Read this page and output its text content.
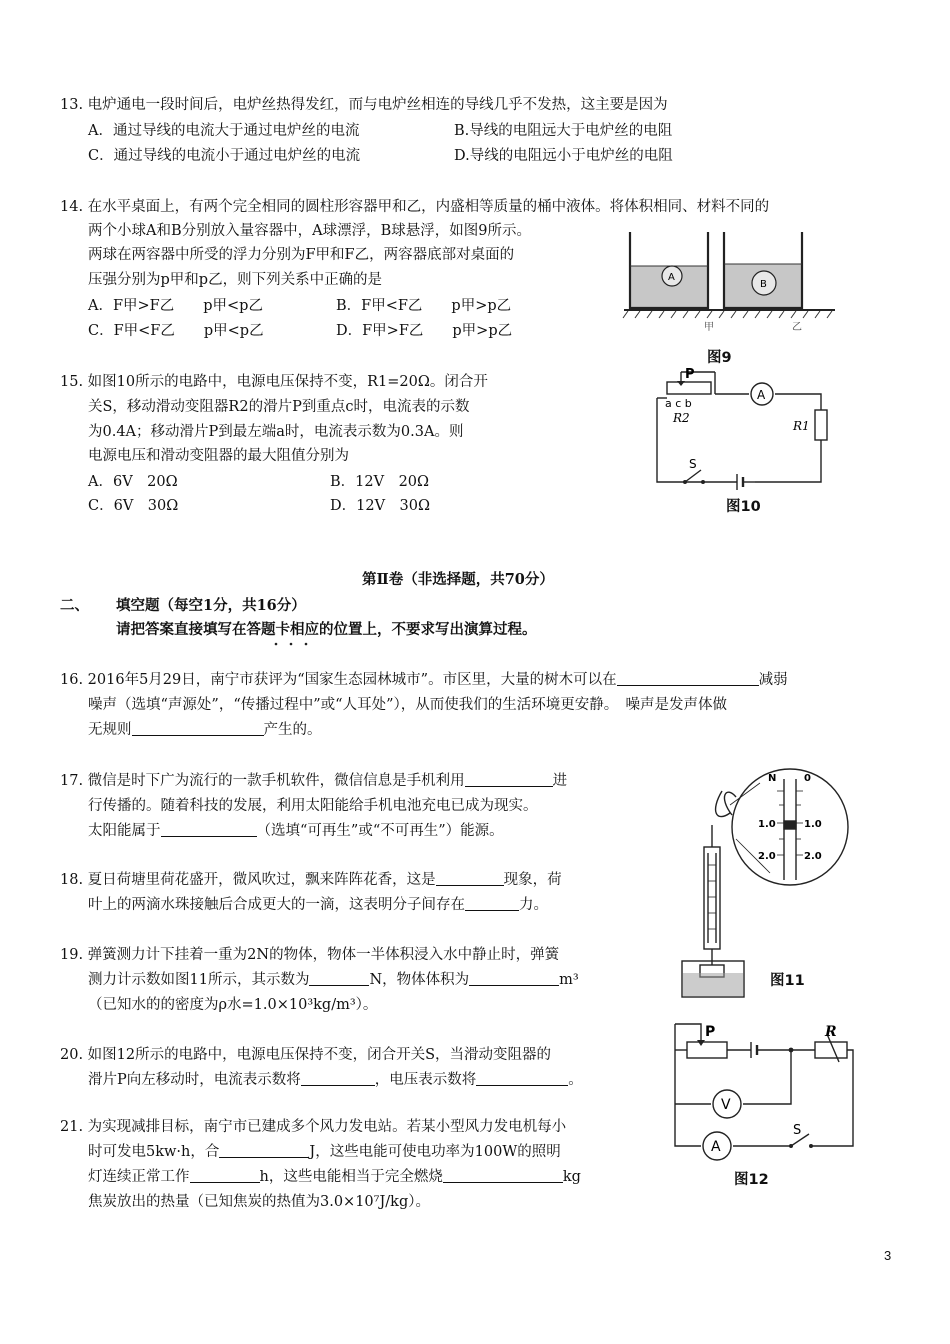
13. 电炉通电一段时间后，电炉丝热得发红，而与电炉丝相连的导线几乎不发热，这主要是因为
A．通过导线的电流大于通过电炉丝的电流	B.导线的电阻远大于电炉丝的电阻
C．通过导线的电流小于通过电炉丝的电流	D.导线的电阻远小于电炉丝的电阻
14. 在水平桌面上，有两个完全相同的圆柱形容器甲和乙，内盛相等质量的桶中液体。将体积相同、材料不同的
两个小球A和B分别放入量容器中，A球漂浮，B球悬浮，如图9所示。
两球在两容器中所受的浮力分别为F甲和F乙，两容器底部对桌面的
压强分别为p甲和p乙，则下列关系中正确的是
A．F甲>F乙　　p甲<p乙	B．F甲<F乙　　p甲>p乙
C．F甲<F乙　　p甲<p乙	D．F甲>F乙　　p甲>p乙
A
B
甲	乙
图9
15. 如图10所示的电路中，电源电压保持不变，R1=20Ω。闭合开
关S，移动滑动变阻器R2的滑片P到重点c时，电流表的示数
为0.4A；移动滑片P到最左端a时，电流表示数为0.3A。则
电源电压和滑动变阻器的最大阻值分别为
A．6V　20Ω	B．12V　20Ω
C．6V　30Ω	D．12V　30Ω
P
a c b
R2
R1
A
S
图10
第Ⅱ卷（非选择题，共70分）
二、 填空题（每空1分，共16分）
请把答案直接填写在答题卡相应的位置上，不要求写出演算过程。
16. 2016年5月29日，南宁市获评为“国家生态园林城市”。市区里，大量的树木可以在	减弱
噪声（选填“声源处”，“传播过程中”或“人耳处”），从而使我们的生活环境更安静。　噪声是发声体做
无规则	产生的。
17. 微信是时下广为流行的一款手机软件，微信信息是手机利用	进
行传播的。随着科技的发展，利用太阳能给手机电池充电已成为现实。
太阳能属于	（选填“可再生”或“不可再生”）能源。
18. 夏日荷塘里荷花盛开，微风吹过，飘来阵阵花香，这是	现象，荷
叶上的两滴水珠接触后合成更大的一滴，这表明分子间存在	力。
19. 弹簧测力计下挂着一重为2N的物体，物体一半体积浸入水中静止时，弹簧
测力计示数如图11所示，其示数为	N，物体体积为	m³
（已知水的的密度为ρ水=1.0×10³kg/m³）。
N	0
1.0	1.0
2.0	2.0
图11
20. 如图12所示的电路中，电源电压保持不变，闭合开关S，当滑动变阻器的
滑片P向左移动时，电流表示数将	，电压表示数将	。
P	R
V
A
S
图12
21. 为实现减排目标，南宁市已建成多个风力发电站。若某小型风力发电机每小
时可发电5kw·h，合	J，这些电能可使电功率为100W的照明
灯连续正常工作	h，这些电能相当于完全燃烧	kg
焦炭放出的热量（已知焦炭的热值为3.0×10⁷J/kg）。
3
